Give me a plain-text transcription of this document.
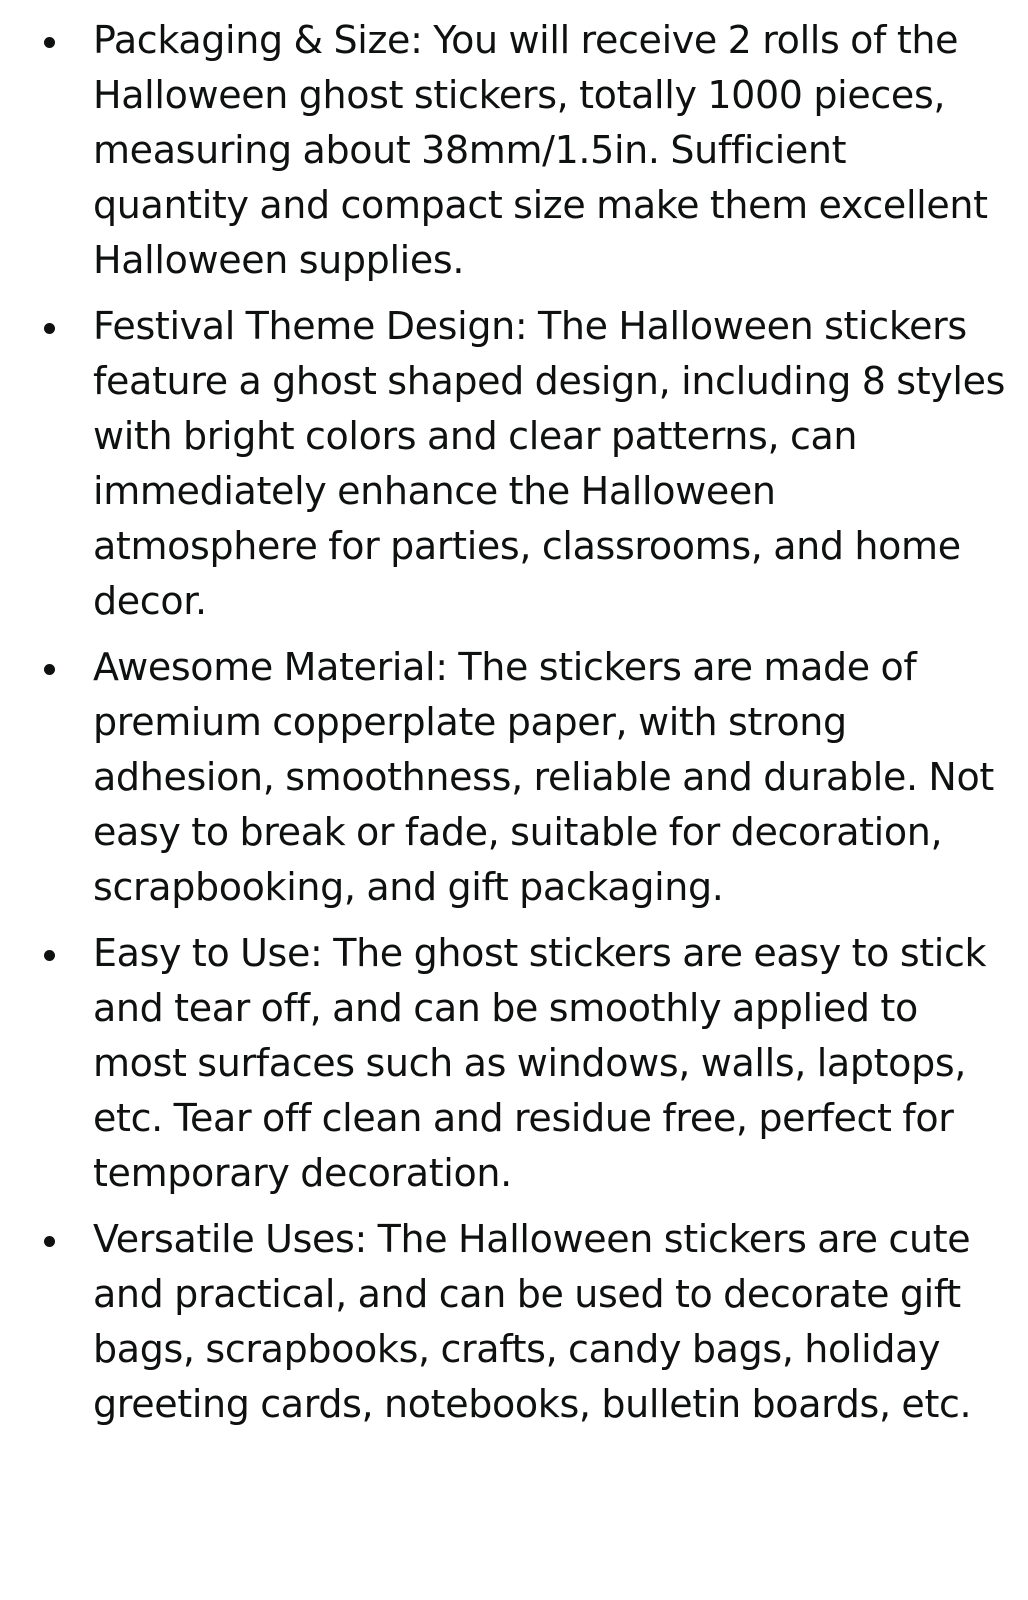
Packaging & Size: You will receive 2 rolls of the Halloween ghost stickers, totally 1000 pieces, measuring about 38mm/1.5in. Sufficient quantity and compact size make them excellent Halloween supplies.
Festival Theme Design: The Halloween stickers feature a ghost shaped design, including 8 styles with bright colors and clear patterns, can immediately enhance the Halloween atmosphere for parties, classrooms, and home decor.
Awesome Material: The stickers are made of premium copperplate paper, with strong adhesion, smoothness, reliable and durable. Not easy to break or fade, suitable for decoration, scrapbooking, and gift packaging.
Easy to Use: The ghost stickers are easy to stick and tear off, and can be smoothly applied to most surfaces such as windows, walls, laptops, etc. Tear off clean and residue free, perfect for temporary decoration.
Versatile Uses: The Halloween stickers are cute and practical, and can be used to decorate gift bags, scrapbooks, crafts, candy bags, holiday greeting cards, notebooks, bulletin boards, etc.
